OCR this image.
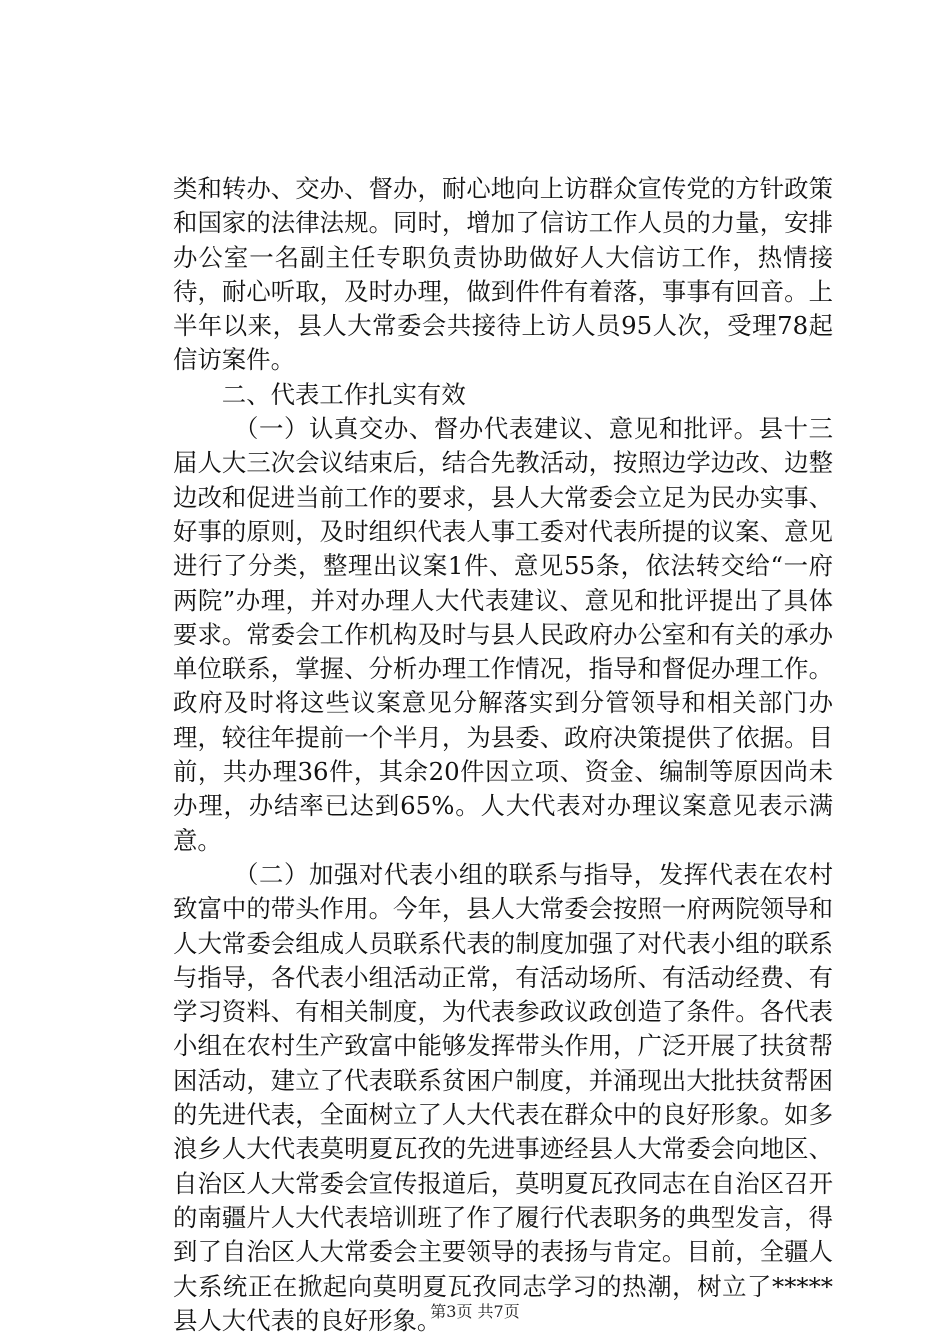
类和转办、交办、督办，耐心地向上访群众宣传党的方针政策和国家的法律法规。同时，增加了信访工作人员的力量，安排办公室一名副主任专职负责协助做好人大信访工作，热情接待，耐心听取，及时办理，做到件件有着落，事事有回音。上半年以来，县人大常委会共接待上访人员95人次，受理78起信访案件。

二、代表工作扎实有效

（一）认真交办、督办代表建议、意见和批评。县十三届人大三次会议结束后，结合先教活动，按照边学边改、边整边改和促进当前工作的要求，县人大常委会立足为民办实事、好事的原则，及时组织代表人事工委对代表所提的议案、意见进行了分类，整理出议案1件、意见55条，依法转交给“一府两院”办理，并对办理人大代表建议、意见和批评提出了具体要求。常委会工作机构及时与县人民政府办公室和有关的承办单位联系，掌握、分析办理工作情况，指导和督促办理工作。政府及时将这些议案意见分解落实到分管领导和相关部门办理，较往年提前一个半月，为县委、政府决策提供了依据。目前，共办理36件，其余20件因立项、资金、编制等原因尚未办理，办结率已达到65%。人大代表对办理议案意见表示满意。

（二）加强对代表小组的联系与指导，发挥代表在农村致富中的带头作用。今年，县人大常委会按照一府两院领导和人大常委会组成人员联系代表的制度加强了对代表小组的联系与指导，各代表小组活动正常，有活动场所、有活动经费、有学习资料、有相关制度，为代表参政议政创造了条件。各代表小组在农村生产致富中能够发挥带头作用，广泛开展了扶贫帮困活动，建立了代表联系贫困户制度，并涌现出大批扶贫帮困的先进代表，全面树立了人大代表在群众中的良好形象。如多浪乡人大代表莫明夏瓦孜的先进事迹经县人大常委会向地区、自治区人大常委会宣传报道后，莫明夏瓦孜同志在自治区召开的南疆片人大代表培训班了作了履行代表职务的典型发言，得到了自治区人大常委会主要领导的表扬与肯定。目前，全疆人大系统正在掀起向莫明夏瓦孜同志学习的热潮，树立了*****县人大代表的良好形象。

第3页 共7页
